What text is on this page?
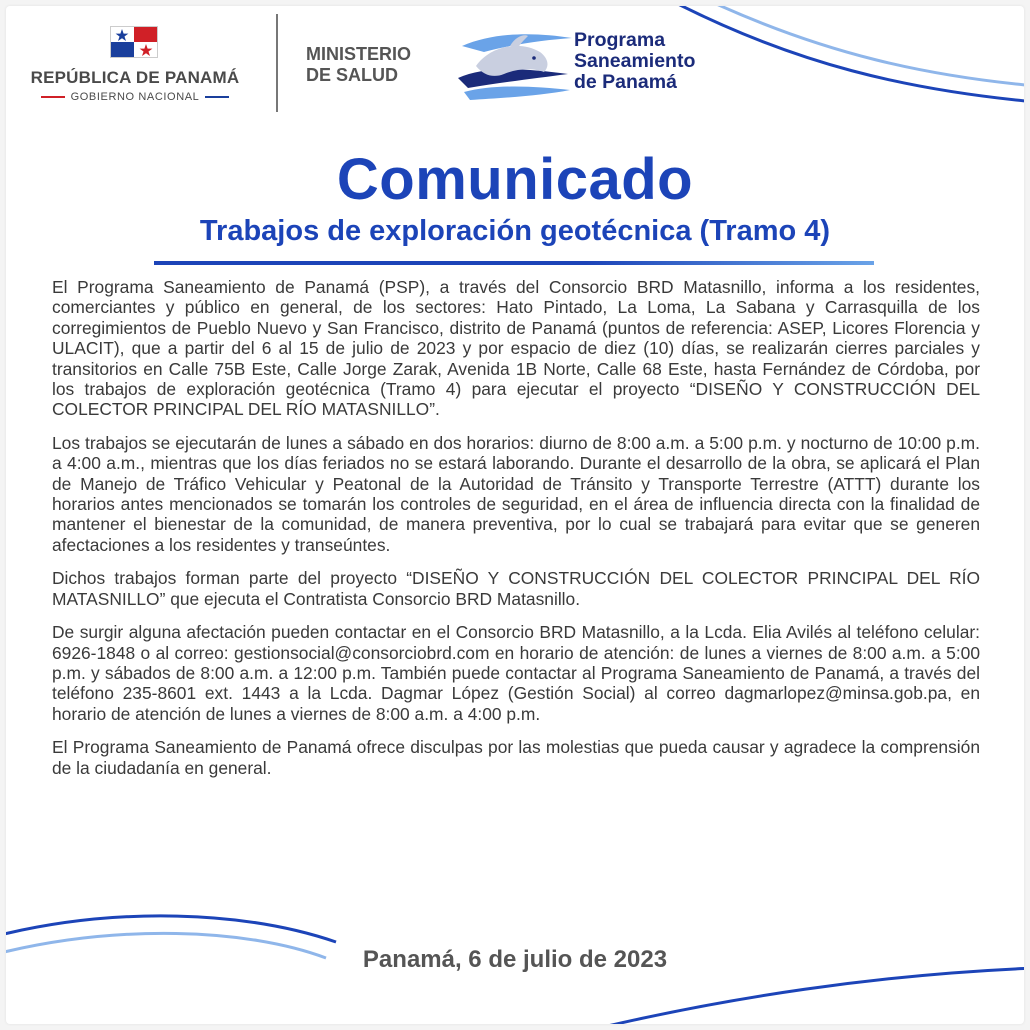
REPÚBLICA DE PANAMÁ
GOBIERNO NACIONAL
MINISTERIO
DE SALUD
Programa
Saneamiento
de Panamá
Comunicado
Trabajos de exploración geotécnica (Tramo 4)

El Programa Saneamiento de Panamá (PSP), a través del Consorcio BRD Matasnillo, informa a los residentes, comerciantes y público en general, de los sectores: Hato Pintado, La Loma, La Sabana y Carrasquilla de los corregimientos de Pueblo Nuevo y San Francisco, distrito de Panamá (puntos de referencia: ASEP, Licores Florencia y ULACIT), que a partir del 6 al 15 de julio de 2023 y por espacio de diez (10) días, se realizarán cierres parciales y transitorios en Calle 75B Este, Calle Jorge Zarak, Avenida 1B Norte, Calle 68 Este, hasta Fernández de Córdoba, por los trabajos de exploración geotécnica (Tramo 4) para ejecutar el proyecto “DISEÑO Y CONSTRUCCIÓN DEL COLECTOR PRINCIPAL DEL RÍO MATASNILLO”.

Los trabajos se ejecutarán de lunes a sábado en dos horarios: diurno de 8:00 a.m. a 5:00 p.m. y nocturno de 10:00 p.m. a 4:00 a.m., mientras que los días feriados no se estará laborando. Durante el desarrollo de la obra, se aplicará el Plan de Manejo de Tráfico Vehicular y Peatonal de la Autoridad de Tránsito y Transporte Terrestre (ATTT) durante los horarios antes mencionados se tomarán los controles de seguridad, en el área de influencia directa con la finalidad de mantener el bienestar de la comunidad, de manera preventiva, por lo cual se trabajará para evitar que se generen afectaciones a los residentes y transeúntes.

Dichos trabajos forman parte del proyecto “DISEÑO Y CONSTRUCCIÓN DEL COLECTOR PRINCIPAL DEL RÍO MATASNILLO” que ejecuta el Contratista Consorcio BRD Matasnillo.

De surgir alguna afectación pueden contactar en el Consorcio BRD Matasnillo, a la Lcda. Elia Avilés al teléfono celular: 6926-1848 o al correo: gestionsocial@consorciobrd.com en horario de atención: de lunes a viernes de 8:00 a.m. a 5:00 p.m. y sábados de 8:00 a.m. a 12:00 p.m. También puede contactar al Programa Saneamiento de Panamá, a través del teléfono 235-8601 ext. 1443 a la Lcda. Dagmar López (Gestión Social) al correo dagmarlopez@minsa.gob.pa, en horario de atención de lunes a viernes de 8:00 a.m. a 4:00 p.m.

El Programa Saneamiento de Panamá ofrece disculpas por las molestias que pueda causar y agradece la comprensión de la ciudadanía en general.

Panamá, 6 de julio de 2023
